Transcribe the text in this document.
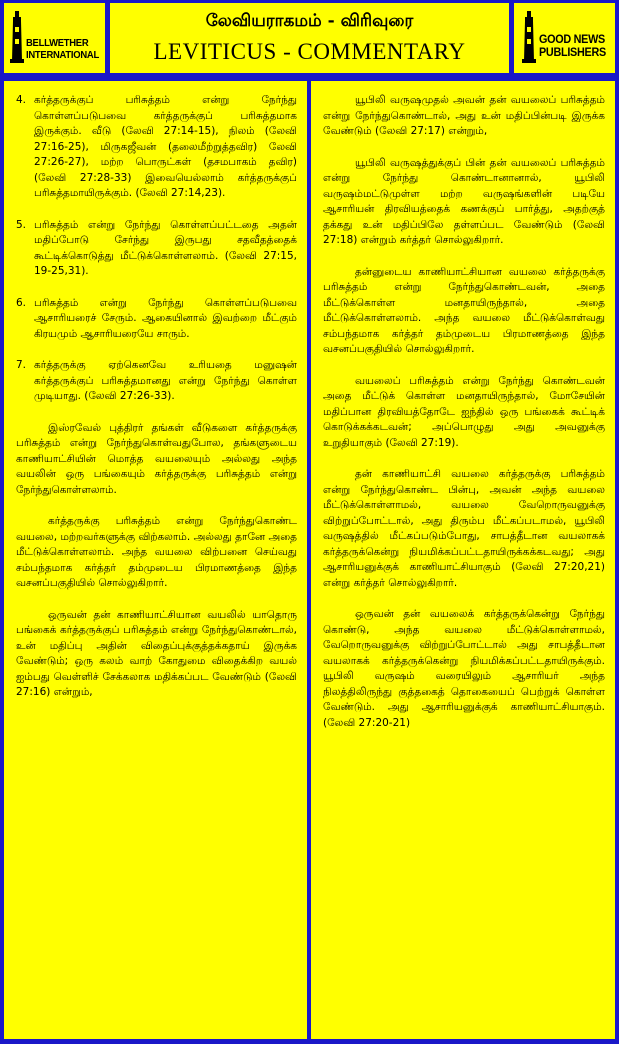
BELLWETHER
INTERNATIONAL
லேவியராகமம் - விரிவுரை
LEVITICUS - COMMENTARY	GOOD NEWS
PUBLISHERS
4. கர்த்தருக்குப் பரிசுத்தம் என்று நேர்ந்து கொள்ளப்படுபவை கர்த்தருக்குப் பரிசுத்தமாக இருக்கும். வீடு (லேவி 27:14-15), நிலம் (லேவி 27:16-25), மிருகஜீவன் (தலைமீற்றுத்தவிர) லேவி 27:26-27), மற்ற பொருட்கள் (தசமபாகம் தவிர) (லேவி 27:28-33) இவையெல்லாம் கர்த்தருக்குப் பரிசுத்தமாயிருக்கும். (லேவி 27:14,23).
5. பரிசுத்தம் என்று நேர்ந்து கொள்ளப்பட்டதை அதன் மதிப்போடு சேர்ந்து இருபது சதவீதத்தைக் கூட்டிக்கொடுத்து மீட்டுக்கொள்ளலாம். (லேவி 27:15, 19-25,31).
6. பரிசுத்தம் என்று நேர்ந்து கொள்ளப்படுபவை ஆசாரியரைச் சேரும். ஆகையினால் இவற்றை மீட்கும் கிரயமும் ஆசாரியரையே சாரும்.
7. கர்த்தருக்கு ஏற்கெனவே உரியதை மனுஷன் கர்த்தருக்குப் பரிசுத்தமானது என்று நேர்ந்து கொள்ள முடியாது. (லேவி 27:26-33).
இஸ்ரவேல் புத்திரர் தங்கள் வீடுகளை கர்த்தருக்கு பரிசுத்தம் என்று நேர்ந்துகொள்வதுபோல, தங்களுடைய காணியாட்சியின் மொத்த வயலையும் அல்லது அந்த வயலின் ஒரு பங்கையும் கர்த்தருக்கு பரிசுத்தம் என்று நேர்ந்துகொள்ளலாம்.
கர்த்தருக்கு பரிசுத்தம் என்று நேர்ந்துகொண்ட வயலை, மற்றவர்களுக்கு விற்கலாம். அல்லது தானே அதை மீட்டுக்கொள்ளலாம். அந்த வயலை விற்பனை செய்வது சம்பந்தமாக கர்த்தர் தம்முடைய பிரமாணத்தை இந்த வசனப்பகுதியில் சொல்லுகிறார்.
ஒருவன் தன் காணியாட்சியான வயலில் யாதொரு பங்கைக் கர்த்தருக்குப் பரிசுத்தம் என்று நேர்ந்துகொண்டால், உன் மதிப்பு அதின் விதைப்புக்குத்தக்கதாய் இருக்க வேண்டும்; ஒரு கலம் வாற் கோதுமை விதைக்கிற வயல் ஐம்பது வெள்ளிச் சேக்கலாக மதிக்கப்பட வேண்டும் (லேவி 27:16) என்றும்,
யூபிலி வருஷமுதல் அவன் தன் வயலைப் பரிசுத்தம் என்று நேர்ந்துகொண்டால், அது உன் மதிப்பின்படி இருக்க வேண்டும் (லேவி 27:17) என்றும்,
யூபிலி வருஷத்துக்குப் பின் தன் வயலைப் பரிசுத்தம் என்று நேர்ந்து கொண்டானானால், யூபிலி வருஷம்மட்டுமுள்ள மற்ற வருஷங்களின் படியே ஆசாரியன் திரவியத்தைக் கணக்குப் பார்த்து, அதற்குத் தக்கது உன் மதிப்பிலே தள்ளப்பட வேண்டும் (லேவி 27:18) என்றும் கர்த்தர் சொல்லுகிறார்.
தன்னுடைய காணியாட்சியான வயலை கர்த்தருக்கு பரிசுத்தம் என்று நேர்ந்துகொண்டவன், அதை மீட்டுக்கொள்ள மனதாயிருந்தால், அதை மீட்டுக்கொள்ளலாம். அந்த வயலை மீட்டுக்கொள்வது சம்பந்தமாக கர்த்தர் தம்முடைய பிரமாணத்தை இந்த வசனப்பகுதியில் சொல்லுகிறார்.
வயலைப் பரிசுத்தம் என்று நேர்ந்து கொண்டவன் அதை மீட்டுக் கொள்ள மனதாயிருந்தால், மோசேயின் மதிப்பான திரவியத்தோடே ஐந்தில் ஒரு பங்கைக் கூட்டிக் கொடுக்கக்கடவன்; அப்பொழுது அது அவனுக்கு உறுதியாகும் (லேவி 27:19).
தன் காணியாட்சி வயலை கர்த்தருக்கு பரிசுத்தம் என்று நேர்ந்துகொண்ட பின்பு, அவன் அந்த வயலை மீட்டுக்கொள்ளாமல், வயலை வேறொருவனுக்கு விற்றுப்போட்டால், அது திரும்ப மீட்கப்படாமல், யூபிலி வருஷத்தில் மீட்கப்படும்போது, சாபத்தீடான வயலாகக் கர்த்தருக்கென்று நியமிக்கப்பட்டதாயிருக்கக்கடவது; அது ஆசாரியனுக்குக் காணியாட்சியாகும் (லேவி 27:20,21) என்று கர்த்தர் சொல்லுகிறார்.
ஒருவன் தன் வயலைக் கர்த்தருக்கென்று நேர்ந்து கொண்டு, அந்த வயலை மீட்டுக்கொள்ளாமல், வேறொருவனுக்கு விற்றுப்போட்டால் அது சாபத்தீடான வயலாகக் கர்த்தருக்கென்று நியமிக்கப்பட்டதாயிருக்கும். யூபிலி வருஷம் வரையிலும் ஆசாரியர் அந்த நிலத்திலிருந்து குத்தகைத் தொகையைப் பெற்றுக் கொள்ள வேண்டும். அது ஆசாரியனுக்குக் காணியாட்சியாகும். (லேவி 27:20-21)
